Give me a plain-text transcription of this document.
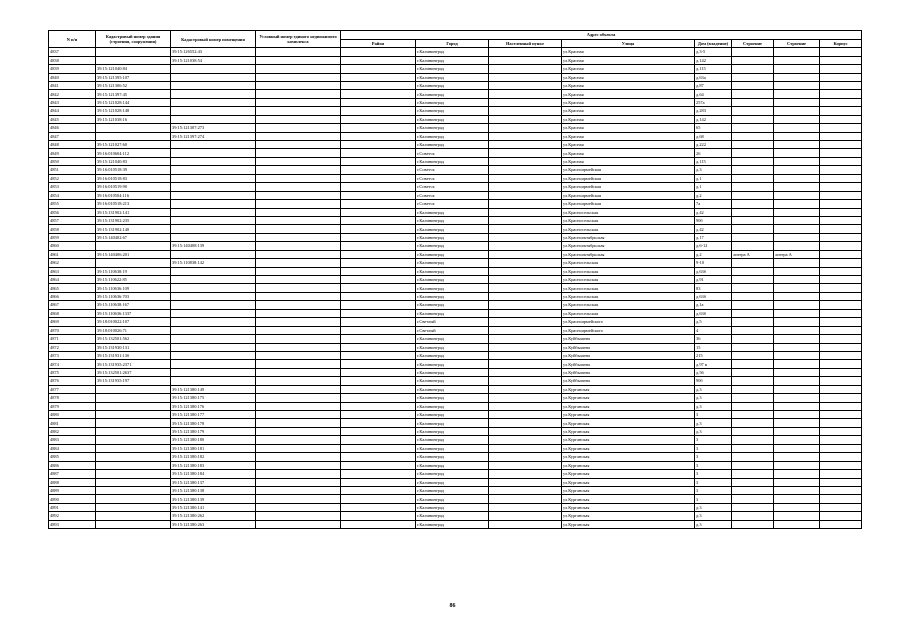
N п/п	Кадастровый номер здания (строения, сооружения)	Кадастровый номер помещения	Условный номер единого недвижимого комплекса	Адрес объекта							
				Район	Город	Населенный пункт	Улица	Дом (владение)	Строение	Строение	Корпус
4837		39:15:126552:43			г.Калининград		ул.Красная	д.3-5			
4838		39:15:121038:54			г.Калининград		ул.Красная	д.142			
4839	39:15:121040:84				г.Калининград		ул.Красная	д.115			
4840	39:15:121395:107				г.Калининград		ул.Красная	д.63а			
4841	39:15:121306:52				г.Калининград		ул.Красная	д.87			
4842	39:15:121397:45				г.Калининград		ул.Красная	д.64			
4843	39:15:121028:144				г.Калининград		ул.Красная	257а			
4844	39:15:121028:148				г.Калининград		ул.Красная	д.283			
4845	39:15:121038:16				г.Калининград		ул.Красная	д.142			
4846		39:15:121307:273			г.Калининград		ул.Красная	65			
4847		39:15:121397:274			г.Калининград		ул.Красная	д.68			
4848	39:15:121027:60				г.Калининград		ул.Красная	д.222			
4849	39:16:010604:112				г.Советск		ул.Красная	26			
4850	39:15:121040:83				г.Калининград		ул.Красная	д.115			
4851	39:16:010518:39				г.Советск		ул.Красноармейская	д.3			
4852	39:16:010518:83				г.Советск		ул.Красноармейская	д.1			
4853	39:16:010519:90				г.Советск		ул.Красноармейская	д.1			
4854	39:16:010504:116				г.Советск		ул.Красноармейская	д.2			
4855	39:16:010518:213				г.Советск		ул.Красноармейская	7а			
4856	39:15:131902:141				г.Калининград		ул.Красносельская	д.42			
4857	39:15:131902:235				г.Калининград		ул.Красносельская	90б			
4858	39:15:131902:140				г.Калининград		ул.Красносельская	д.42			
4859	39:15:140402:67				г.Калининград		ул.Краснооктябрьская	д.17			
4860		39:15:140408:139			г.Калининград		ул.Краснооктябрьская	д.6-12			
4861	39:15:140406:201				г.Калининград		ул.Краснооктябрьская	д.2	литера А	литера А	
4862		39:15:110838:142			г.Калининград		ул.Красносельская	9-10			
4863	39:15:110638:19				г.Калининград		ул.Красносельская	д.63б			
4864	39:15:110622:85				г.Калининград		ул.Красносельская	д.91			
4865	39:15:110636:109				г.Калининград		ул.Красносельская	83			
4866	39:15:110636:703				г.Калининград		ул.Красносельская	д.63б			
4867	39:15:110638:167				г.Калининград		ул.Красносельская	д.1а			
4868	39:15:110636:1337				г.Калининград		ул.Красносельская	д.63б			
4869	39:18:010022:107				г.Светлый		ул.Красноармейского	д.5			
4870	39:18:010026:71				г.Светлый		ул.Красноармейского	4			
4871	39:15:132501:562				г.Калининград		ул.Куйбышева	36			
4872	39:15:131930:131				г.Калининград		ул.Куйбышева	15			
4873	39:15:131931:13б				г.Калининград		ул.Куйбышева	215			
4874	39:15:131935:2371				г.Калининград		ул.Куйбышева	д.97 в			
4875	39:15:132501:2637				г.Калининград		ул.Куйбышева	д.56			
4876	39:15:131935:197				г.Калининград		ул.Куйбышева	90б			
4877		39:15:121380:149			г.Калининград		ул.Курганская	д.3			
4878		39:15:121380:175			г.Калининград		ул.Курганская	д.3			
4879		39:15:121380:176			г.Калининград		ул.Курганская	д.3			
4880		39:15:121380:177			г.Калининград		ул.Курганская	3			
4881		39:15:121380:178			г.Калининград		ул.Курганская	д.3			
4882		39:15:121380:179			г.Калининград		ул.Курганская	д.3			
4883		39:15:121380:180			г.Калининград		ул.Курганская	3			
4884		39:15:121380:181			г.Калининград		ул.Курганская	3			
4885		39:15:121380:182			г.Калининград		ул.Курганская	3			
4886		39:15:121380:183			г.Калининград		ул.Курганская	3			
4887		39:15:121380:184			г.Калининград		ул.Курганская	3			
4888		39:15:121380:137			г.Калининград		ул.Курганская	3			
4889		39:15:121380:138			г.Калининград		ул.Курганская	3			
4890		39:15:121380:139			г.Калининград		ул.Курганская	3			
4891		39:15:121380:141			г.Калининград		ул.Курганская	д.3			
4892		39:15:121380:262			г.Калининград		ул.Курганская	д.3			
4893		39:15:121380:263			г.Калининград		ул.Курганская	д.3			
86
